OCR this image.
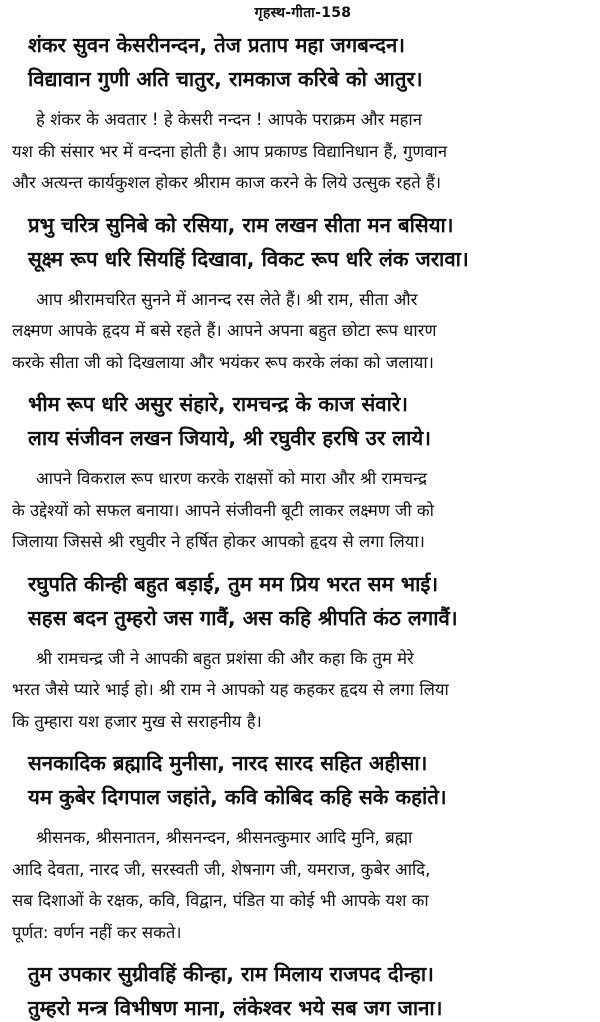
गृहस्थ-गीता-158
शंकर सुवन केसरीनन्दन, तेज प्रताप महा जगबन्दन।
विद्यावान गुणी अति चातुर, रामकाज करिबे को आतुर।
हे शंकर के अवतार ! हे केसरी नन्दन ! आपके पराक्रम और महान
यश की संसार भर में वन्दना होती है। आप प्रकाण्ड विद्यानिधान हैं, गुणवान
और अत्यन्त कार्यकुशल होकर श्रीराम काज करने के लिये उत्सुक रहते हैं।
प्रभु चरित्र सुनिबे को रसिया, राम लखन सीता मन बसिया।
सूक्ष्म रूप धरि सियहिं दिखावा, विकट रूप धरि लंक जरावा।
आप श्रीरामचरित सुनने में आनन्द रस लेते हैं। श्री राम, सीता और
लक्ष्मण आपके हृदय में बसे रहते हैं। आपने अपना बहुत छोटा रूप धारण
करके सीता जी को दिखलाया और भयंकर रूप करके लंका को जलाया।
भीम रूप धरि असुर संहारे, रामचन्द्र के काज संवारे।
लाय संजीवन लखन जियाये, श्री रघुवीर हरषि उर लाये।
आपने विकराल रूप धारण करके राक्षसों को मारा और श्री रामचन्द्र
के उद्देश्यों को सफल बनाया। आपने संजीवनी बूटी लाकर लक्ष्मण जी को
जिलाया जिससे श्री रघुवीर ने हर्षित होकर आपको हृदय से लगा लिया।
रघुपति कीन्ही बहुत बड़ाई, तुम मम प्रिय भरत सम भाई।
सहस बदन तुम्हरो जस गावैं, अस कहि श्रीपति कंठ लगावैं।
श्री रामचन्द्र जी ने आपकी बहुत प्रशंसा की और कहा कि तुम मेरे
भरत जैसे प्यारे भाई हो। श्री राम ने आपको यह कहकर हृदय से लगा लिया
कि तुम्हारा यश हजार मुख से सराहनीय है।
सनकादिक ब्रह्मादि मुनीसा, नारद सारद सहित अहीसा।
यम कुबेर दिगपाल जहांते, कवि कोबिद कहि सके कहांते।
श्रीसनक, श्रीसनातन, श्रीसनन्दन, श्रीसनत्कुमार आदि मुनि, ब्रह्मा
आदि देवता, नारद जी, सरस्वती जी, शेषनाग जी, यमराज, कुबेर आदि,
सब दिशाओं के रक्षक, कवि, विद्वान, पंडित या कोई भी आपके यश का
पूर्णत: वर्णन नहीं कर सकते।
तुम उपकार सुग्रीवहिं कीन्हा, राम मिलाय राजपद दीन्हा।
तुम्हरो मन्त्र विभीषण माना, लंकेश्वर भये सब जग जाना।
